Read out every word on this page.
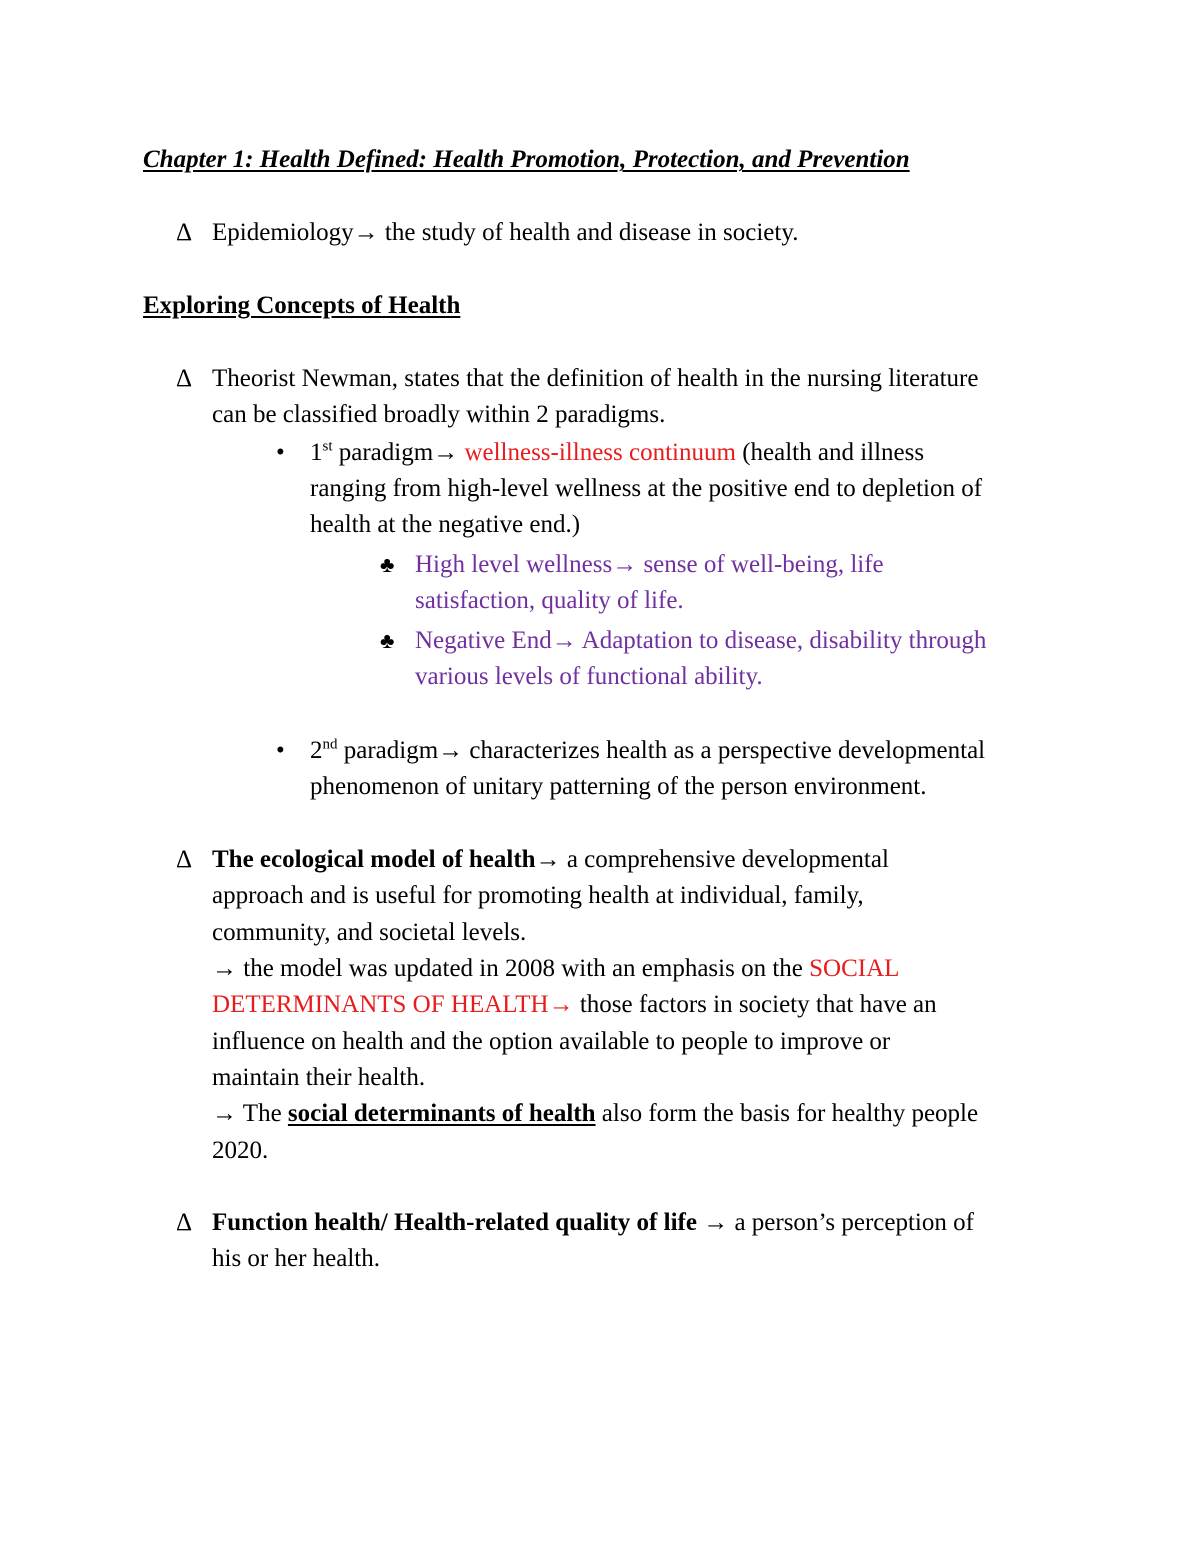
Chapter 1: Health Defined: Health Promotion, Protection, and Prevention
Δ Epidemiology→ the study of health and disease in society.
Exploring Concepts of Health
Δ Theorist Newman, states that the definition of health in the nursing literature
can be classified broadly within 2 paradigms.
• 1st paradigm→ wellness-illness continuum (health and illness
ranging from high-level wellness at the positive end to depletion of
health at the negative end.)
♣ High level wellness→ sense of well-being, life
satisfaction, quality of life.
♣ Negative End→ Adaptation to disease, disability through
various levels of functional ability.
• 2nd paradigm→ characterizes health as a perspective developmental
phenomenon of unitary patterning of the person environment.
Δ The ecological model of health→ a comprehensive developmental
approach and is useful for promoting health at individual, family,
community, and societal levels.
→ the model was updated in 2008 with an emphasis on the SOCIAL
DETERMINANTS OF HEALTH→ those factors in society that have an
influence on health and the option available to people to improve or
maintain their health.
→ The social determinants of health also form the basis for healthy people
2020.
Δ Function health/ Health-related quality of life → a person’s perception of
his or her health.
